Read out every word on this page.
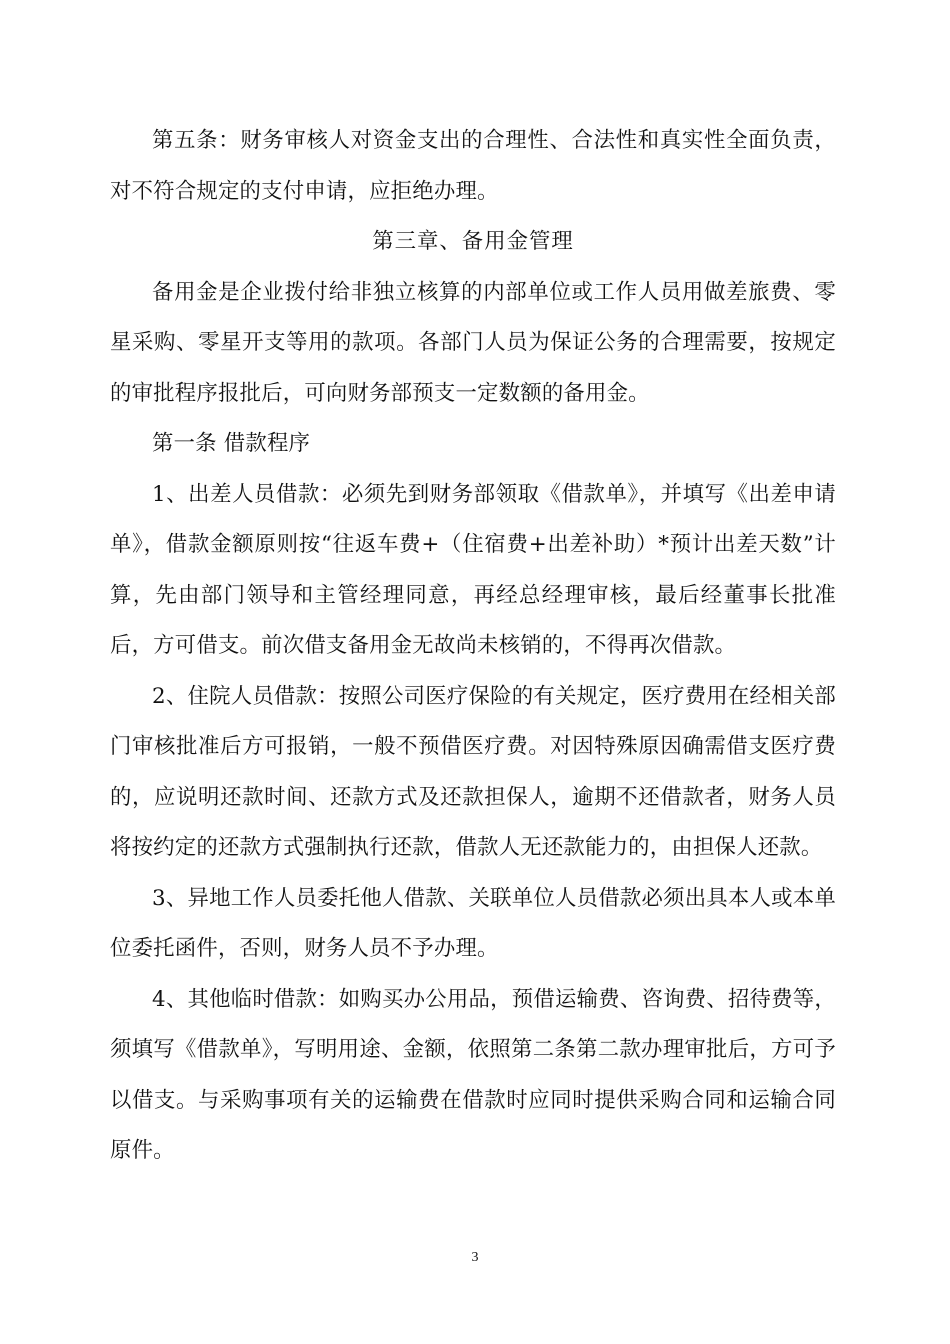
第五条：财务审核人对资金支出的合理性、合法性和真实性全面负责，对不符合规定的支付申请，应拒绝办理。

第三章、备用金管理

备用金是企业拨付给非独立核算的内部单位或工作人员用做差旅费、零星采购、零星开支等用的款项。各部门人员为保证公务的合理需要，按规定的审批程序报批后，可向财务部预支一定数额的备用金。

第一条 借款程序

1、出差人员借款：必须先到财务部领取《借款单》，并填写《出差申请单》，借款金额原则按“往返车费+（住宿费+出差补助）*预计出差天数”计算，先由部门领导和主管经理同意，再经总经理审核，最后经董事长批准后，方可借支。前次借支备用金无故尚未核销的，不得再次借款。

2、住院人员借款：按照公司医疗保险的有关规定，医疗费用在经相关部门审核批准后方可报销，一般不预借医疗费。对因特殊原因确需借支医疗费的，应说明还款时间、还款方式及还款担保人，逾期不还借款者，财务人员将按约定的还款方式强制执行还款，借款人无还款能力的，由担保人还款。

3、异地工作人员委托他人借款、关联单位人员借款必须出具本人或本单位委托函件，否则，财务人员不予办理。

4、其他临时借款：如购买办公用品，预借运输费、咨询费、招待费等，须填写《借款单》，写明用途、金额，依照第二条第二款办理审批后，方可予以借支。与采购事项有关的运输费在借款时应同时提供采购合同和运输合同原件。

3
